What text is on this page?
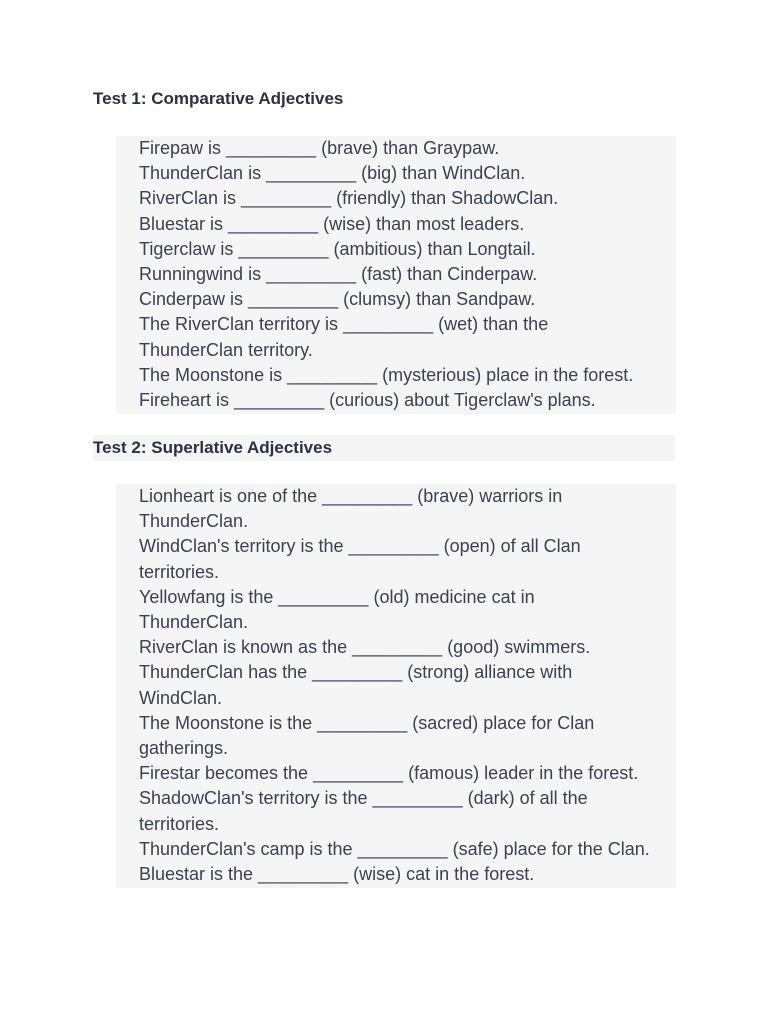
Test 1: Comparative Adjectives

Firepaw is _________ (brave) than Graypaw.

ThunderClan is _________ (big) than WindClan.

RiverClan is _________ (friendly) than ShadowClan.

Bluestar is _________ (wise) than most leaders.

Tigerclaw is _________ (ambitious) than Longtail.

Runningwind is _________ (fast) than Cinderpaw.

Cinderpaw is _________ (clumsy) than Sandpaw.

The RiverClan territory is _________ (wet) than the

ThunderClan territory.

The Moonstone is _________ (mysterious) place in the forest.

Fireheart is _________ (curious) about Tigerclaw's plans.

Test 2: Superlative Adjectives

Lionheart is one of the _________ (brave) warriors in

ThunderClan.

WindClan's territory is the _________ (open) of all Clan

territories.

Yellowfang is the _________ (old) medicine cat in

ThunderClan.

RiverClan is known as the _________ (good) swimmers.

ThunderClan has the _________ (strong) alliance with

WindClan.

The Moonstone is the _________ (sacred) place for Clan

gatherings.

Firestar becomes the _________ (famous) leader in the forest.

ShadowClan's territory is the _________ (dark) of all the

territories.

ThunderClan's camp is the _________ (safe) place for the Clan.

Bluestar is the _________ (wise) cat in the forest.
